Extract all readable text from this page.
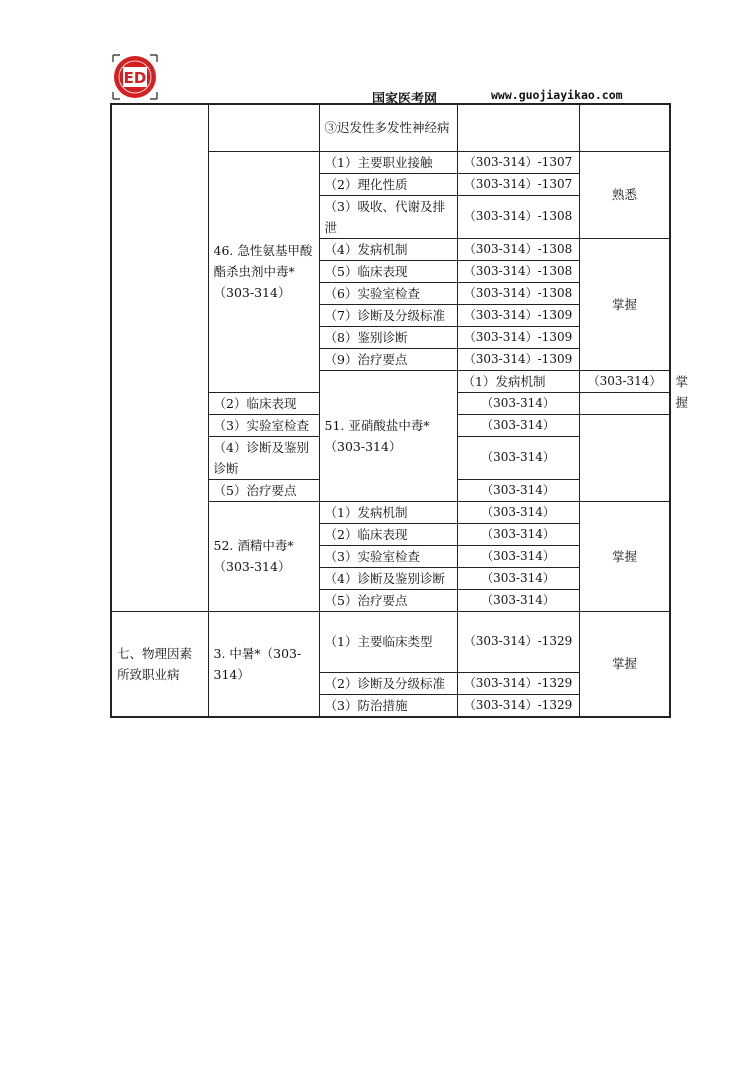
ED
国家医考网	www.guojiayikao.com
		③迟发性多发性神经病			
	46. 急性氨基甲酸酯杀虫剂中毒*（303-314）	（1）主要职业接触	（303-314）-1307	熟悉	
		（2）理化性质	（303-314）-1307		
		（3）吸收、代谢及排泄	（303-314）-1308		
		（4）发病机制	（303-314）-1308	掌握	
		（5）临床表现	（303-314）-1308		
		（6）实验室检查	（303-314）-1308		
		（7）诊断及分级标准	（303-314）-1309		
		（8）鉴别诊断	（303-314）-1309		
		（9）治疗要点	（303-314）-1309		
		51. 亚硝酸盐中毒*（303-314）	（1）发病机制	（303-314）	掌握
	（2）临床表现		（303-314）		
	（3）实验室检查		（303-314）		
	（4）诊断及鉴别诊断		（303-314）		
	（5）治疗要点		（303-314）		
	52. 酒精中毒*（303-314）	（1）发病机制	（303-314）	掌握	
		（2）临床表现	（303-314）		
		（3）实验室检查	（303-314）		
		（4）诊断及鉴别诊断	（303-314）		
		（5）治疗要点	（303-314）		
七、物理因素所致职业病	3. 中暑*（303-314）	（1）主要临床类型	（303-314）-1329	掌握	
		（2）诊断及分级标准	（303-314）-1329		
		（3）防治措施	（303-314）-1329		
